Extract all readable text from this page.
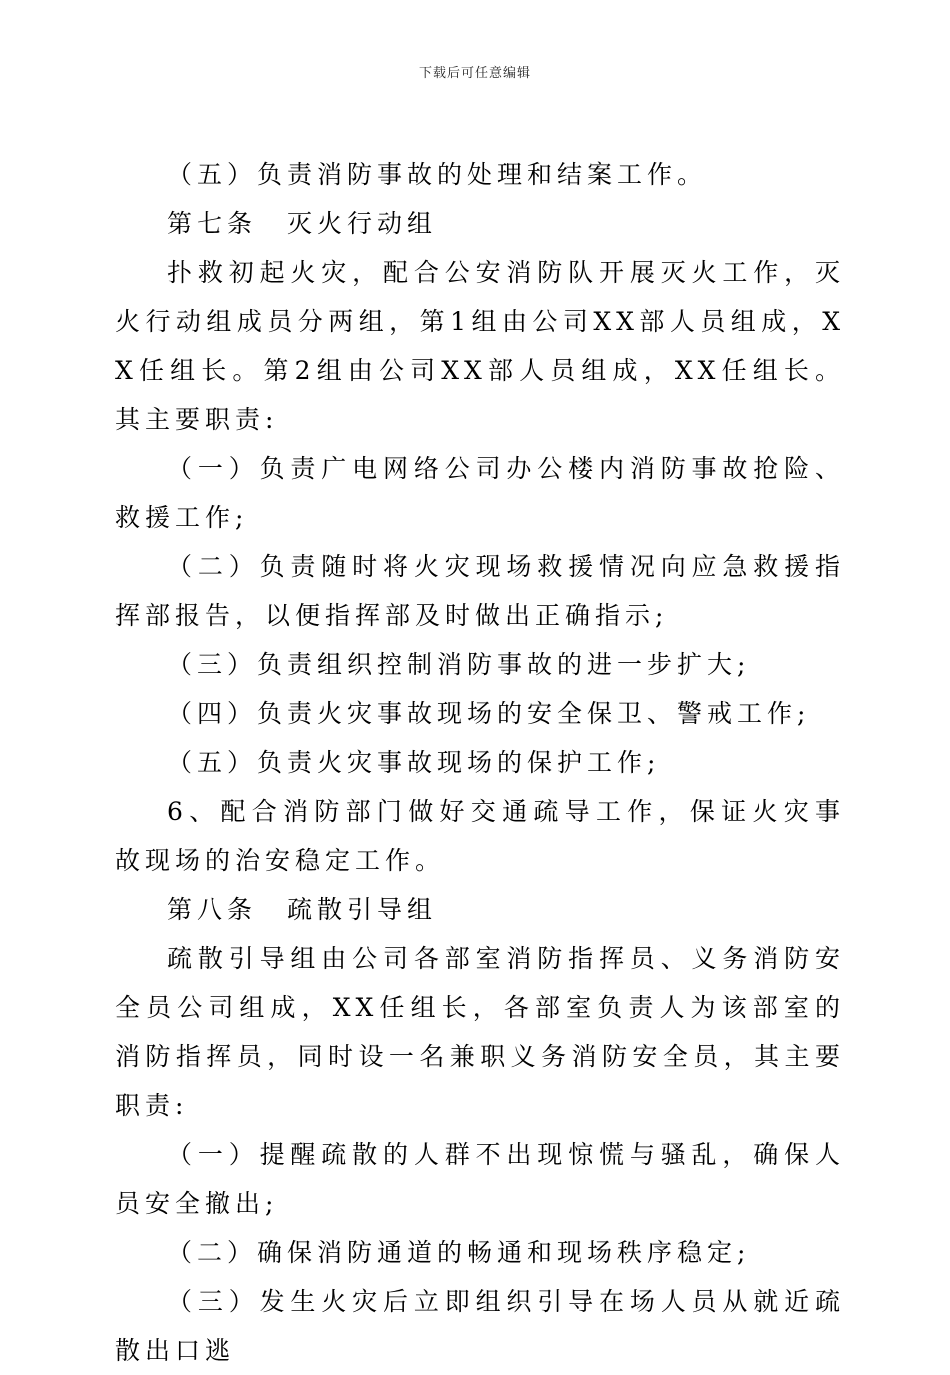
下载后可任意编辑

（五）负责消防事故的处理和结案工作。

第七条　灭火行动组

扑救初起火灾，配合公安消防队开展灭火工作，灭火行动组成员分两组，第1组由公司XX部人员组成，XX任组长。第2组由公司XX部人员组成，XX任组长。其主要职责:

（一）负责广电网络公司办公楼内消防事故抢险、救援工作;

（二）负责随时将火灾现场救援情况向应急救援指挥部报告，以便指挥部及时做出正确指示;

（三）负责组织控制消防事故的进一步扩大;

（四）负责火灾事故现场的安全保卫、警戒工作;

（五）负责火灾事故现场的保护工作;

6、配合消防部门做好交通疏导工作，保证火灾事故现场的治安稳定工作。

第八条　疏散引导组

疏散引导组由公司各部室消防指挥员、义务消防安全员公司组成，XX任组长，各部室负责人为该部室的消防指挥员，同时设一名兼职义务消防安全员，其主要职责:

（一）提醒疏散的人群不出现惊慌与骚乱，确保人员安全撤出;

（二）确保消防通道的畅通和现场秩序稳定;

（三）发生火灾后立即组织引导在场人员从就近疏散出口逃
